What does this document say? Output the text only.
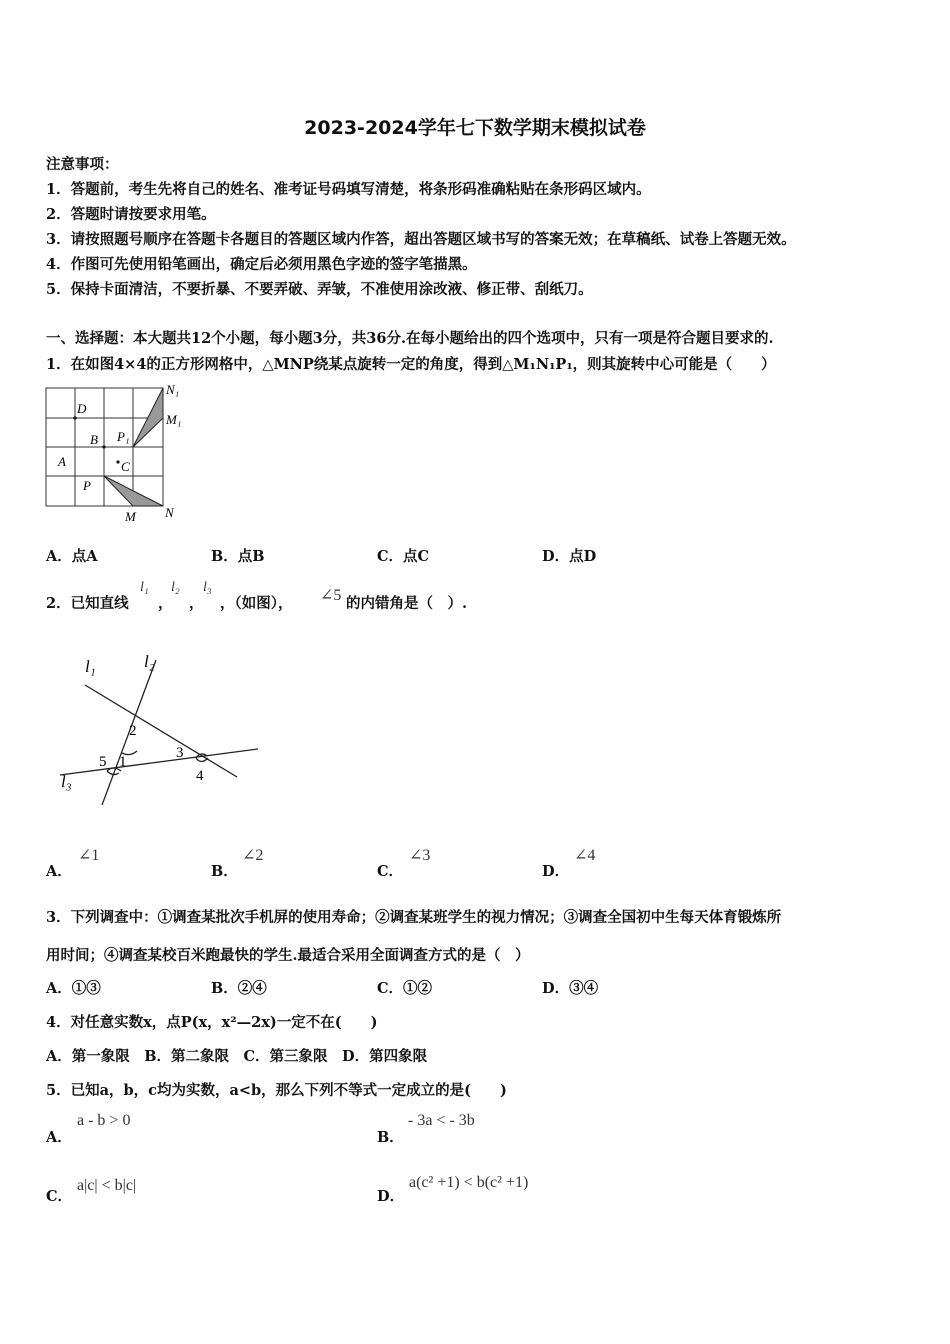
2023-2024学年七下数学期末模拟试卷
注意事项：
1．答题前，考生先将自己的姓名、准考证号码填写清楚，将条形码准确粘贴在条形码区域内。
2．答题时请按要求用笔。
3．请按照题号顺序在答题卡各题目的答题区域内作答，超出答题区域书写的答案无效；在草稿纸、试卷上答题无效。
4．作图可先使用铅笔画出，确定后必须用黑色字迹的签字笔描黑。
5．保持卡面清洁，不要折暴、不要弄破、弄皱，不准使用涂改液、修正带、刮纸刀。
一、选择题：本大题共12个小题，每小题3分，共36分.在每小题给出的四个选项中，只有一项是符合题目要求的.
1．在如图4×4的正方形网格中，△MNP绕某点旋转一定的角度，得到△M₁N₁P₁，则其旋转中心可能是（　　）
D
B
A	C
P₁
P
M N
N₁
M₁
A．点A	B．点B	C．点C	D．点D
2．已知直线
l₁
，
l₂
，
l₃
，（如图）， ∠5 的内错角是（　）.
l₁	l₂
l₃
2
3
4
5 1
A．
∠1
B．
∠2
C．
∠3
D．
∠4
3．下列调查中：①调查某批次手机屏的使用寿命；②调查某班学生的视力情况；③调查全国初中生每天体育锻炼所
用时间；④调查某校百米跑最快的学生.最适合采用全面调查方式的是（　）
A．①③	B．②④	C．①②	D．③④
4．对任意实数x，点P(x，x²—2x)一定不在(　　)
A．第一象限　B．第二象限　C．第三象限　D．第四象限
5．已知a，b，c均为实数，a<b，那么下列不等式一定成立的是(　　)
A．
a - b > 0
B．
- 3a < - 3b
C．
a|c| < b|c|
D．
a(c² +1) < b(c² +1)
